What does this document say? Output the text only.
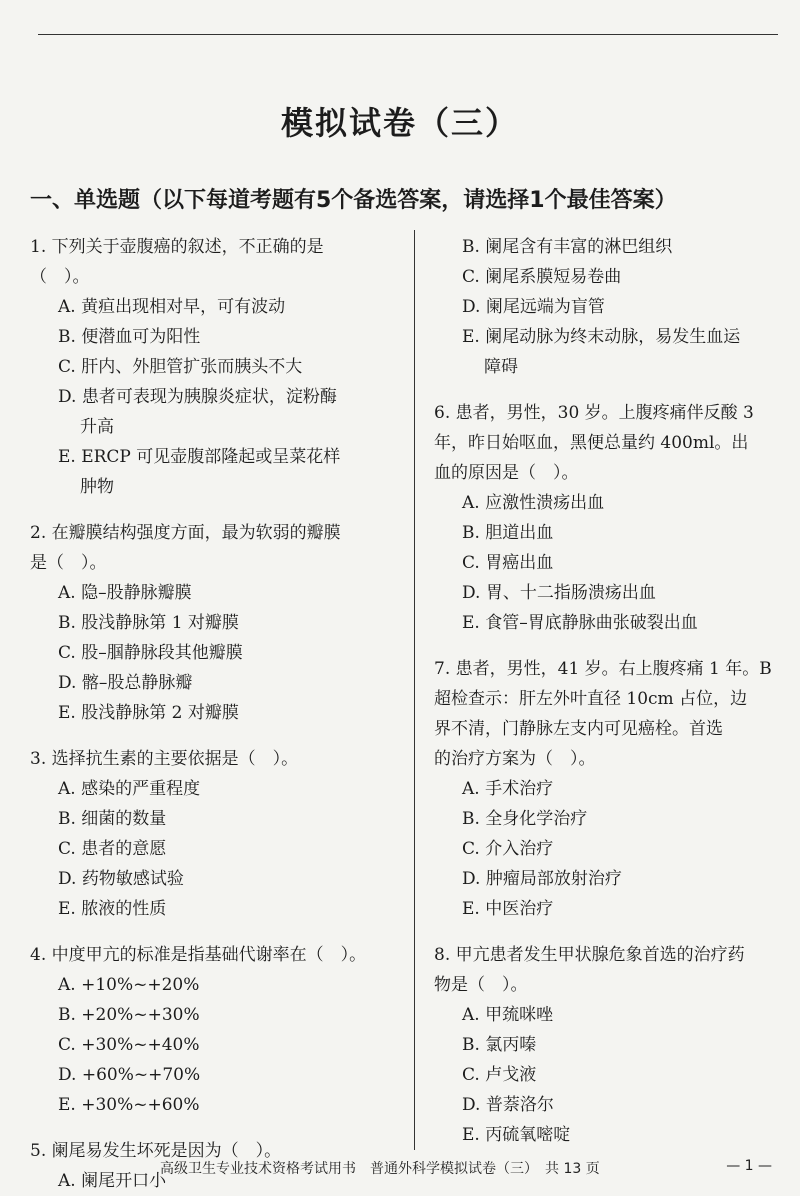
模拟试卷（三）
一、单选题（以下每道考题有5个备选答案，请选择1个最佳答案）
1. 下列关于壶腹癌的叙述，不正确的是
（　）。
A. 黄疸出现相对早，可有波动
B. 便潜血可为阳性
C. 肝内、外胆管扩张而胰头不大
D. 患者可表现为胰腺炎症状，淀粉酶
升高
E. ERCP 可见壶腹部隆起或呈菜花样
肿物
2. 在瓣膜结构强度方面，最为软弱的瓣膜
是（　）。
A. 隐–股静脉瓣膜
B. 股浅静脉第 1 对瓣膜
C. 股–腘静脉段其他瓣膜
D. 髂–股总静脉瓣
E. 股浅静脉第 2 对瓣膜
3. 选择抗生素的主要依据是（　）。
A. 感染的严重程度
B. 细菌的数量
C. 患者的意愿
D. 药物敏感试验
E. 脓液的性质
4. 中度甲亢的标准是指基础代谢率在（　）。
A. +10%~+20%
B. +20%~+30%
C. +30%~+40%
D. +60%~+70%
E. +30%~+60%
5. 阑尾易发生坏死是因为（　）。
A. 阑尾开口小
B. 阑尾含有丰富的淋巴组织
C. 阑尾系膜短易卷曲
D. 阑尾远端为盲管
E. 阑尾动脉为终末动脉，易发生血运
障碍
6. 患者，男性，30 岁。上腹疼痛伴反酸 3
年，昨日始呕血，黑便总量约 400ml。出
血的原因是（　）。
A. 应激性溃疡出血
B. 胆道出血
C. 胃癌出血
D. 胃、十二指肠溃疡出血
E. 食管–胃底静脉曲张破裂出血
7. 患者，男性，41 岁。右上腹疼痛 1 年。B
超检查示：肝左外叶直径 10cm 占位，边
界不清，门静脉左支内可见癌栓。首选
的治疗方案为（　）。
A. 手术治疗
B. 全身化学治疗
C. 介入治疗
D. 肿瘤局部放射治疗
E. 中医治疗
8. 甲亢患者发生甲状腺危象首选的治疗药
物是（　）。
A. 甲巯咪唑
B. 氯丙嗪
C. 卢戈液
D. 普萘洛尔
E. 丙硫氧嘧啶
高级卫生专业技术资格考试用书　普通外科学模拟试卷（三）　共 13 页	— 1 —
